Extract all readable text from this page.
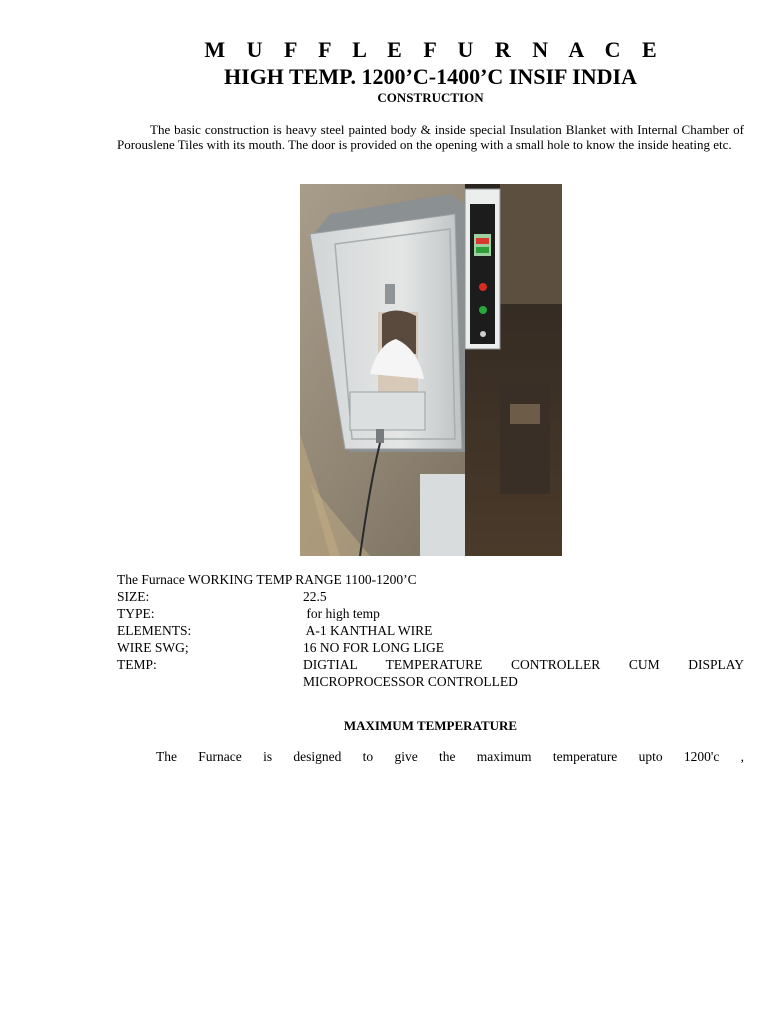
M U F F L E F U R N A C E

HIGH TEMP. 1200’C-1400’C INSIF INDIA

CONSTRUCTION

The basic construction is heavy steel painted body & inside special Insulation Blanket with Internal Chamber of Porouslene Tiles with its mouth. The door is provided on the opening with a small hole to know the inside heating etc.

The Furnace WORKING TEMP RANGE 1100-1200’C

SIZE:	22.5
TYPE:	for high temp
ELEMENTS:	A-1 KANTHAL WIRE
WIRE SWG;	16 NO FOR LONG LIGE
TEMP:	DIGTIAL TEMPERATURE CONTROLLER CUM DISPLAY MICROPROCESSOR CONTROLLED

MAXIMUM TEMPERATURE

The Furnace is designed to give the maximum temperature upto 1200'c ,
